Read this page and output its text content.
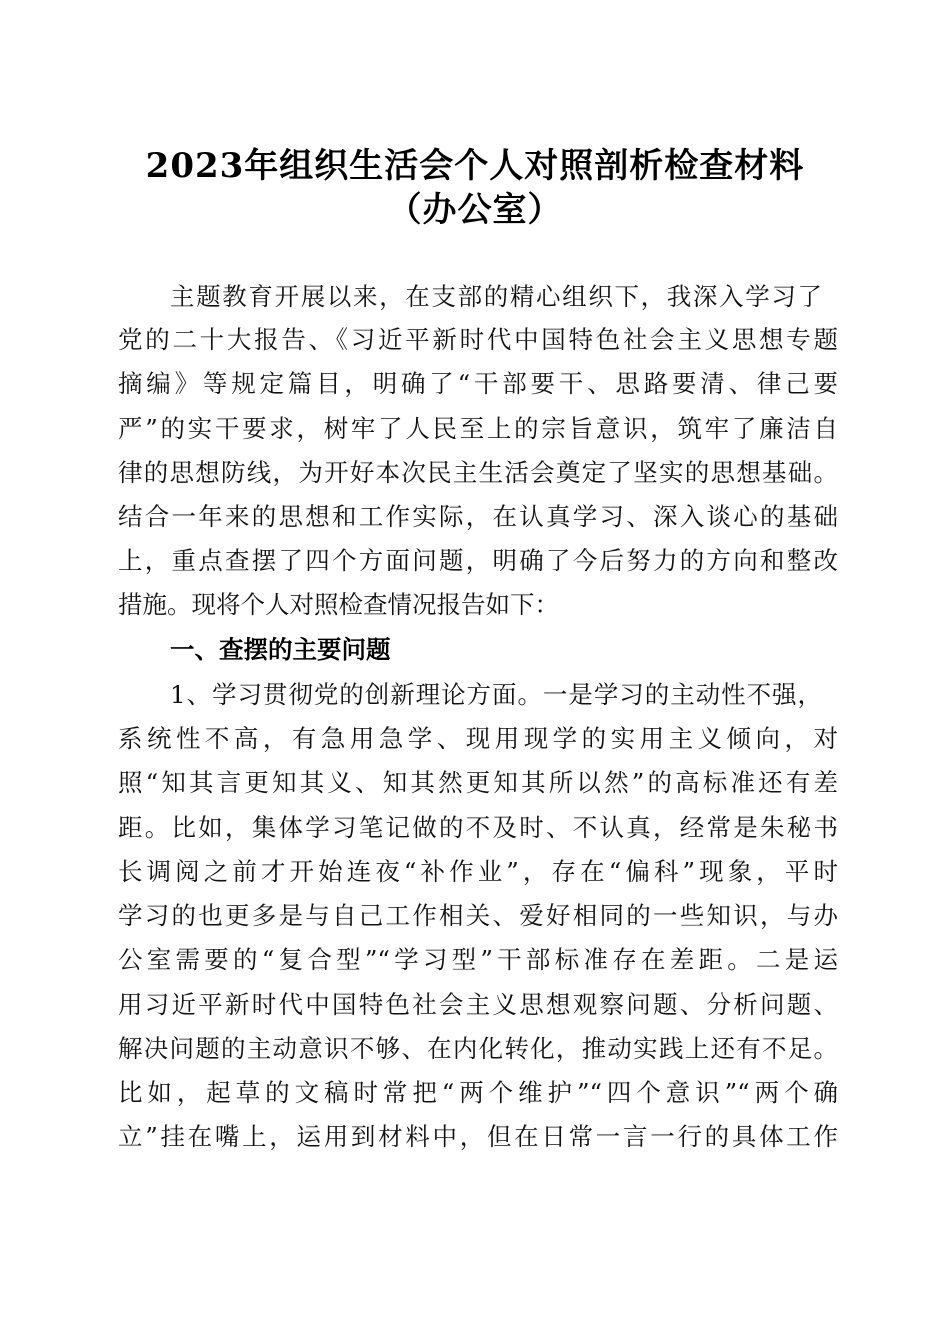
2023年组织生活会个人对照剖析检查材料
（办公室）
主题教育开展以来，在支部的精心组织下，我深入学习了
党的二十大报告、《习近平新时代中国特色社会主义思想专题
摘编》等规定篇目，明确了“干部要干、思路要清、律己要
严”的实干要求，树牢了人民至上的宗旨意识，筑牢了廉洁自
律的思想防线，为开好本次民主生活会奠定了坚实的思想基础。
结合一年来的思想和工作实际，在认真学习、深入谈心的基础
上，重点查摆了四个方面问题，明确了今后努力的方向和整改
措施。现将个人对照检查情况报告如下：
一、查摆的主要问题
1、学习贯彻党的创新理论方面。一是学习的主动性不强，
系统性不高，有急用急学、现用现学的实用主义倾向，对
照“知其言更知其义、知其然更知其所以然”的高标准还有差
距。比如，集体学习笔记做的不及时、不认真，经常是朱秘书
长调阅之前才开始连夜“补作业”，存在“偏科”现象，平时
学习的也更多是与自己工作相关、爱好相同的一些知识，与办
公室需要的“复合型”“学习型”干部标准存在差距。二是运
用习近平新时代中国特色社会主义思想观察问题、分析问题、
解决问题的主动意识不够、在内化转化，推动实践上还有不足。
比如，起草的文稿时常把“两个维护”“四个意识”“两个确
立”挂在嘴上，运用到材料中，但在日常一言一行的具体工作
